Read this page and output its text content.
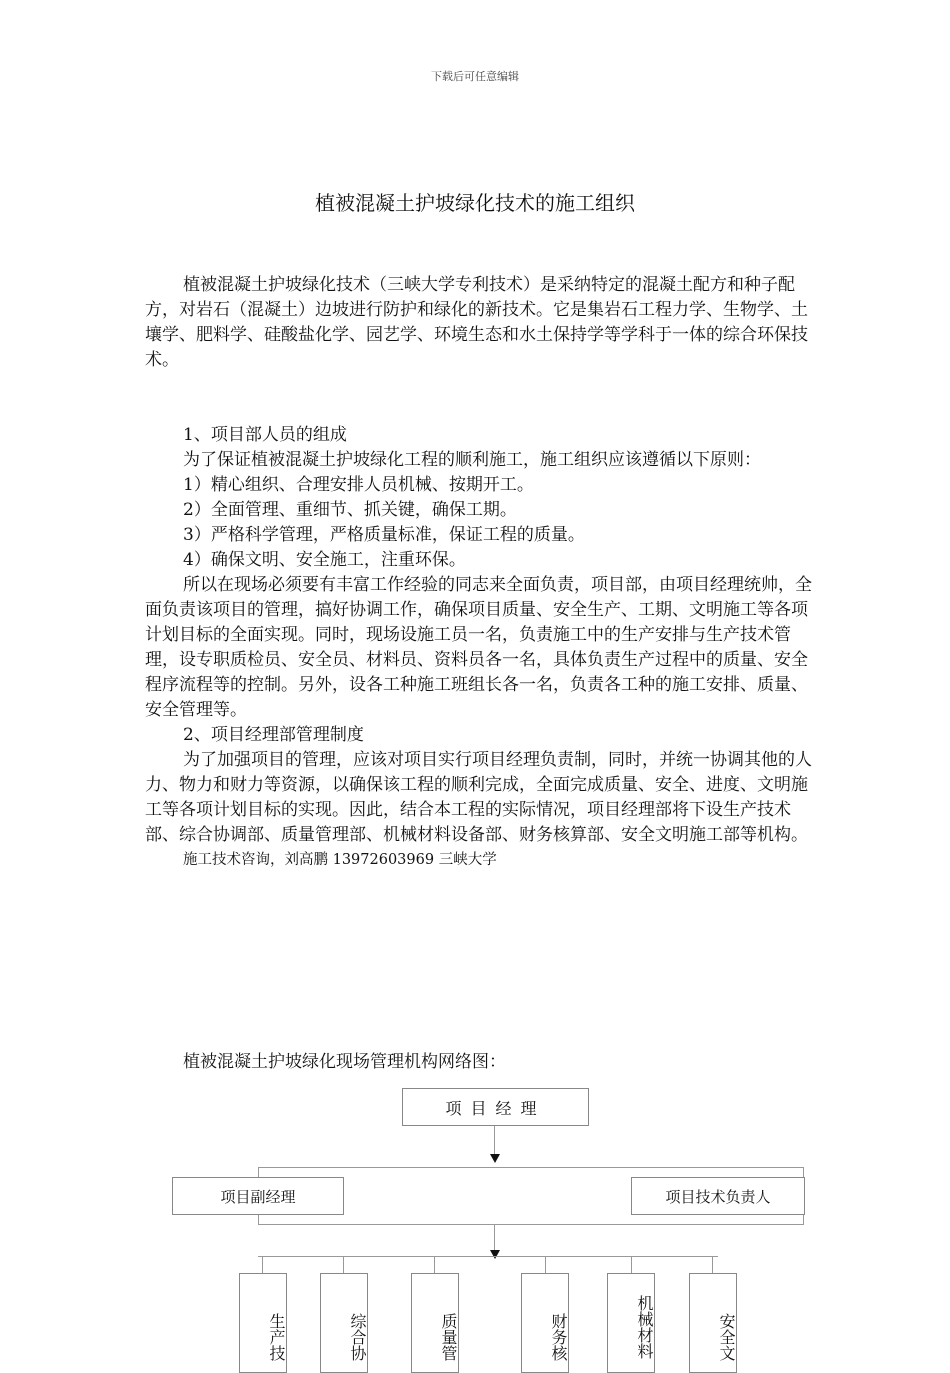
下载后可任意编辑
植被混凝土护坡绿化技术的施工组织

植被混凝土护坡绿化技术（三峡大学专利技术）是采纳特定的混凝土配方和种子配方，对岩石（混凝土）边坡进行防护和绿化的新技术。它是集岩石工程力学、生物学、土壤学、肥料学、硅酸盐化学、园艺学、环境生态和水土保持学等学科于一体的综合环保技术。

1、项目部人员的组成

为了保证植被混凝土护坡绿化工程的顺利施工，施工组织应该遵循以下原则：

1）精心组织、合理安排人员机械、按期开工。

2）全面管理、重细节、抓关键，确保工期。

3）严格科学管理，严格质量标准，保证工程的质量。

4）确保文明、安全施工，注重环保。

所以在现场必须要有丰富工作经验的同志来全面负责，项目部，由项目经理统帅，全面负责该项目的管理，搞好协调工作，确保项目质量、安全生产、工期、文明施工等各项计划目标的全面实现。同时，现场设施工员一名，负责施工中的生产安排与生产技术管理，设专职质检员、安全员、材料员、资料员各一名，具体负责生产过程中的质量、安全程序流程等的控制。另外，设各工种施工班组长各一名，负责各工种的施工安排、质量、安全管理等。

2、项目经理部管理制度

为了加强项目的管理，应该对项目实行项目经理负责制，同时，并统一协调其他的人力、物力和财力等资源，以确保该工程的顺利完成，全面完成质量、安全、进度、文明施工等各项计划目标的实现。因此，结合本工程的实际情况，项目经理部将下设生产技术部、综合协调部、质量管理部、机械材料设备部、财务核算部、安全文明施工部等机构。

施工技术咨询，刘高鹏 13972603969 三峡大学

植被混凝土护坡绿化现场管理机构网络图：
项目经理
项目副经理	项目技术负责人
生产技	综合协	质量管	财务核	机械材料	安全文
